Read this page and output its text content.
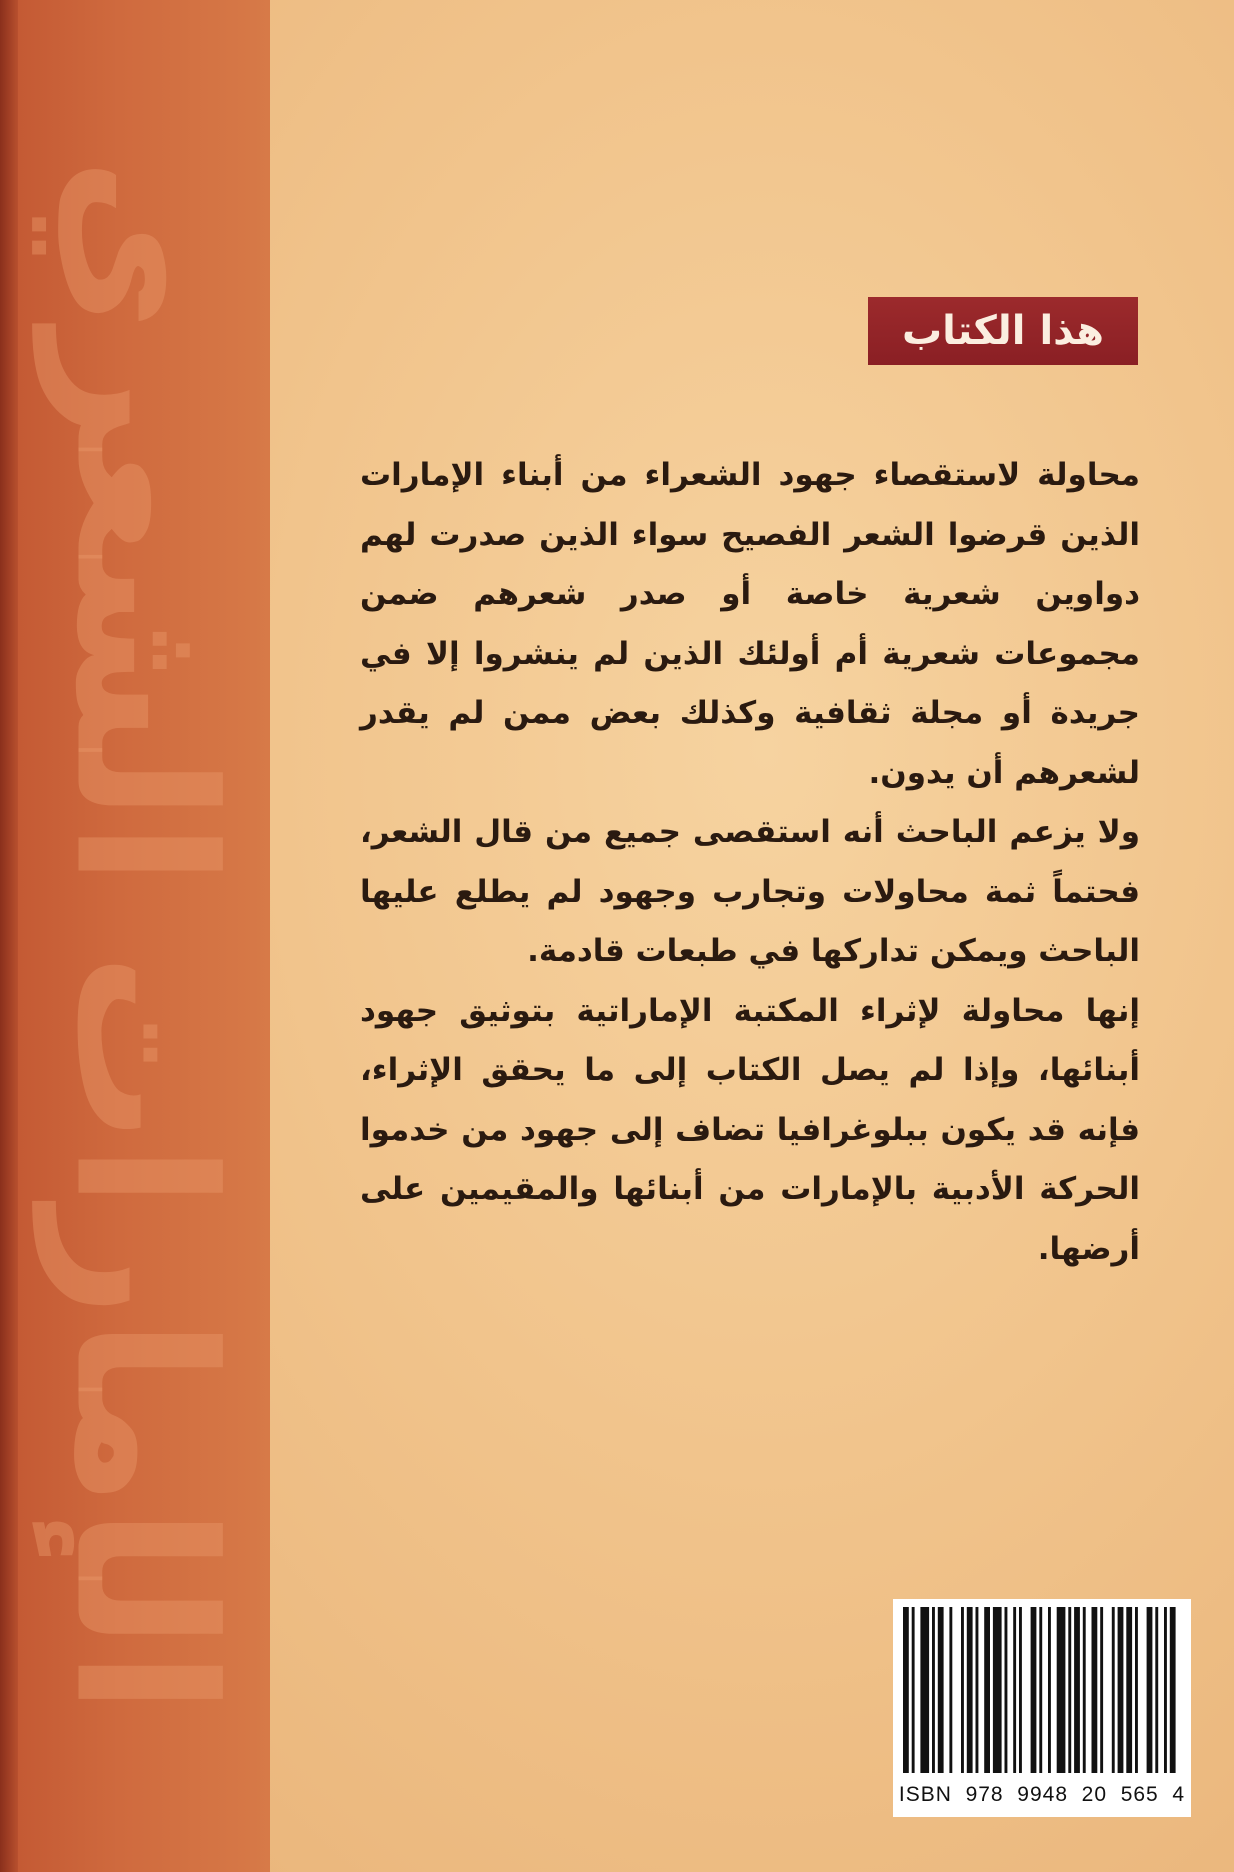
الإمارات الشعري	هذا الكتاب

محاولة لاستقصاء جهود الشعراء من أبناء الإمارات الذين قرضوا الشعر الفصيح سواء الذين صدرت لهم دواوين شعرية خاصة أو صدر شعرهم ضمن مجموعات شعرية أم أولئك الذين لم ينشروا إلا في جريدة أو مجلة ثقافية وكذلك بعض ممن لم يقدر لشعرهم أن يدون.

ولا يزعم الباحث أنه استقصى جميع من قال الشعر، فحتماً ثمة محاولات وتجارب وجهود لم يطلع عليها الباحث ويمكن تداركها في طبعات قادمة.

إنها محاولة لإثراء المكتبة الإماراتية بتوثيق جهود أبنائها، وإذا لم يصل الكتاب إلى ما يحقق الإثراء، فإنه قد يكون ببلوغرافيا تضاف إلى جهود من خدموا الحركة الأدبية بالإمارات من أبنائها والمقيمين على أرضها.

ISBN  978  9948  20  565  4
